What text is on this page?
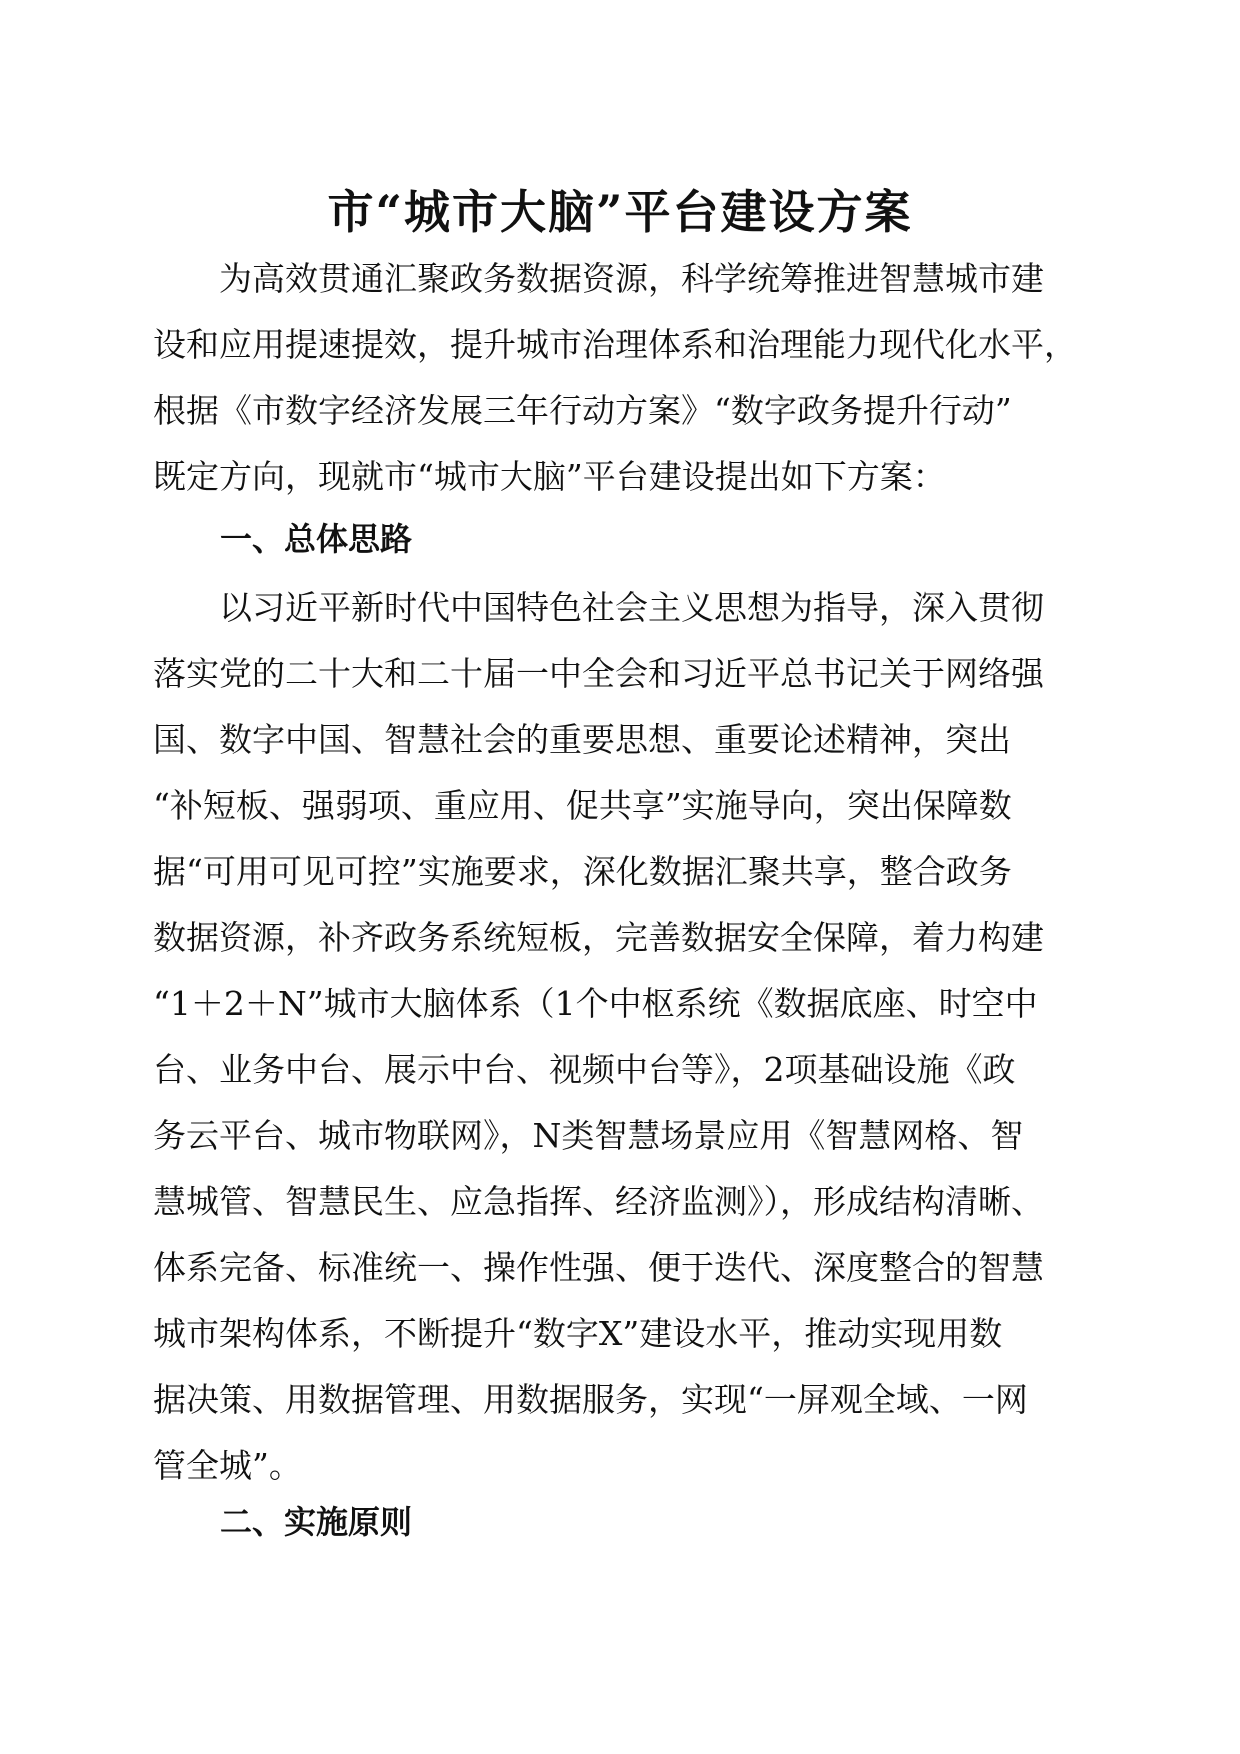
市“城市大脑”平台建设方案

　　为高效贯通汇聚政务数据资源，科学统筹推进智慧城市建
设和应用提速提效，提升城市治理体系和治理能力现代化水平，
根据《市数字经济发展三年行动方案》“数字政务提升行动”
既定方向，现就市“城市大脑”平台建设提出如下方案：

一、总体思路

　　以习近平新时代中国特色社会主义思想为指导，深入贯彻
落实党的二十大和二十届一中全会和习近平总书记关于网络强
国、数字中国、智慧社会的重要思想、重要论述精神，突出
“补短板、强弱项、重应用、促共享”实施导向，突出保障数
据“可用可见可控”实施要求，深化数据汇聚共享，整合政务
数据资源，补齐政务系统短板，完善数据安全保障，着力构建
“1＋2＋N”城市大脑体系（1个中枢系统《数据底座、时空中
台、业务中台、展示中台、视频中台等》，2项基础设施《政
务云平台、城市物联网》，N类智慧场景应用《智慧网格、智
慧城管、智慧民生、应急指挥、经济监测》），形成结构清晰、
体系完备、标准统一、操作性强、便于迭代、深度整合的智慧
城市架构体系，不断提升“数字X”建设水平，推动实现用数
据决策、用数据管理、用数据服务，实现“一屏观全域、一网
管全城”。

二、实施原则
